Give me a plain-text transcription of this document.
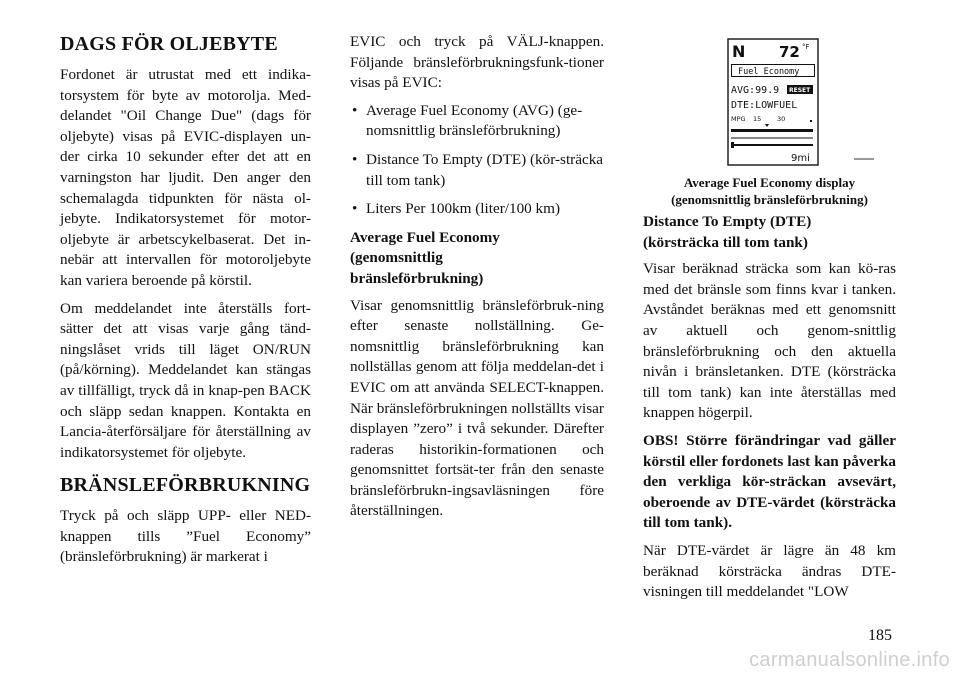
DAGS FÖR OLJEBYTE

Fordonet är utrustat med ett indika-torsystem för byte av motorolja. Med-delandet "Oil Change Due" (dags för oljebyte) visas på EVIC-displayen un-der cirka 10 sekunder efter det att en varningston har ljudit. Den anger den schemalagda tidpunkten för nästa ol-jebyte. Indikatorsystemet för motor-oljebyte är arbetscykelbaserat. Det in-nebär att intervallen för motoroljebyte kan variera beroende på körstil.

Om meddelandet inte återställs fort-sätter det att visas varje gång tänd-ningslåset vrids till läget ON/RUN (på/körning). Meddelandet kan stängas av tillfälligt, tryck då in knap-pen BACK och släpp sedan knappen. Kontakta en Lancia-återförsäljare för återställning av indikatorsystemet för oljebyte.

BRÄNSLEFÖRBRUKNING

Tryck på och släpp UPP- eller NED-knappen tills ”Fuel Economy” (bränsleförbrukning) är markerat i

EVIC och tryck på VÄLJ-knappen. Följande bränsleförbrukningsfunk-tioner visas på EVIC:

• Average Fuel Economy (AVG) (ge-nomsnittlig bränsleförbrukning)
• Distance To Empty (DTE) (kör-sträcka till tom tank)
• Liters Per 100km (liter/100 km)
Average Fuel Economy
(genomsnittlig
bränsleförbrukning)

Visar genomsnittlig bränsleförbruk-ning efter senaste nollställning. Ge-nomsnittlig bränsleförbrukning kan nollställas genom att följa meddelan-det i EVIC om att använda SELECT-knappen. När bränsleförbrukningen nollställts visar displayen ”zero” i två sekunder. Därefter raderas historikin-formationen och genomsnittet fortsät-ter från den senaste bränsleförbrukn-ingsavläsningen före återställningen.

N 72 °F
Fuel Economy
AVG:99.9 RESET
DTE:LOWFUEL
MPG 15 30
9mi
Average Fuel Economy display
(genomsnittlig bränsleförbrukning)
Distance To Empty (DTE)
(körsträcka till tom tank)

Visar beräknad sträcka som kan kö-ras med det bränsle som finns kvar i tanken. Avståndet beräknas med ett genomsnitt av aktuell och genom-snittlig bränsleförbrukning och den aktuella nivån i bränsletanken. DTE (körsträcka till tom tank) kan inte återställas med knappen högerpil.

OBS! Större förändringar vad gäller körstil eller fordonets last kan påverka den verkliga kör-sträckan avsevärt, oberoende av DTE-värdet (körsträcka till tom tank).

När DTE-värdet är lägre än 48 km beräknad körsträcka ändras DTE-visningen till meddelandet "LOW

185
carmanualsonline.info
